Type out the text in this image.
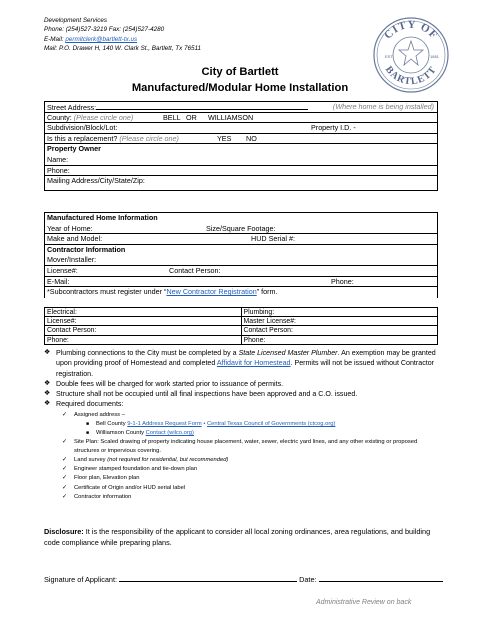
Development Services
Phone: (254)527-3219 Fax: (254)527-4280
E-Mail: permitclerk@bartlett-tx.us
Mail: P.O. Drawer H, 140 W. Clark St., Bartlett, Tx 76511
CITY OF
BARTLETT
EST.	1881
City of Bartlett
Manufactured/Modular Home Installation
Street Address:	(Where home is being installed)
County: (Please circle one)	BELL OR WILLIAMSON
Subdivision/Block/Lot:	Property I.D. -
Is this a replacement? (Please circle one)	YES NO
Property Owner
Name:
Phone:
Mailing Address/City/State/Zip:
Manufactured Home Information
Year of Home:	Size/Square Footage:
Make and Model:	HUD Serial #:
Contractor Information
Mover/Installer:
License#:	Contact Person:
E-Mail:	Phone:
*Subcontractors must register under “New Contractor Registration” form.
Electrical:	Plumbing:
License#:	Master License#:
Contact Person:	Contact Person:
Phone:	Phone:
❖ Plumbing connections to the City must be completed by a State Licensed Master Plumber. An exemption may be granted upon providing proof of Homestead and completed Affidavit for Homestead. Permits will not be issued without Contractor registration.
❖ Double fees will be charged for work started prior to issuance of permits.
❖ Structure shall not be occupied until all final inspections have been approved and a C.O. issued.
❖ Required documents:
✓ Assigned address –
■ Bell County 9-1-1 Address Request Form • Central Texas Council of Governments (ctcog.org)
■ Williamson County Contact (wilco.org)
✓ Site Plan: Scaled drawing of property indicating house placement, water, sewer, electric yard lines, and any other existing or proposed structures or impervious covering.
✓ Land survey (not required for residential, but recommended)
✓ Engineer stamped foundation and tie-down plan
✓ Floor plan, Elevation plan
✓ Certificate of Origin and/or HUD serial label
✓ Contractor information
Disclosure: It is the responsibility of the applicant to consider all local zoning ordinances, area regulations, and building code compliance while preparing plans.
Signature of Applicant:	Date:
Administrative Review on back
